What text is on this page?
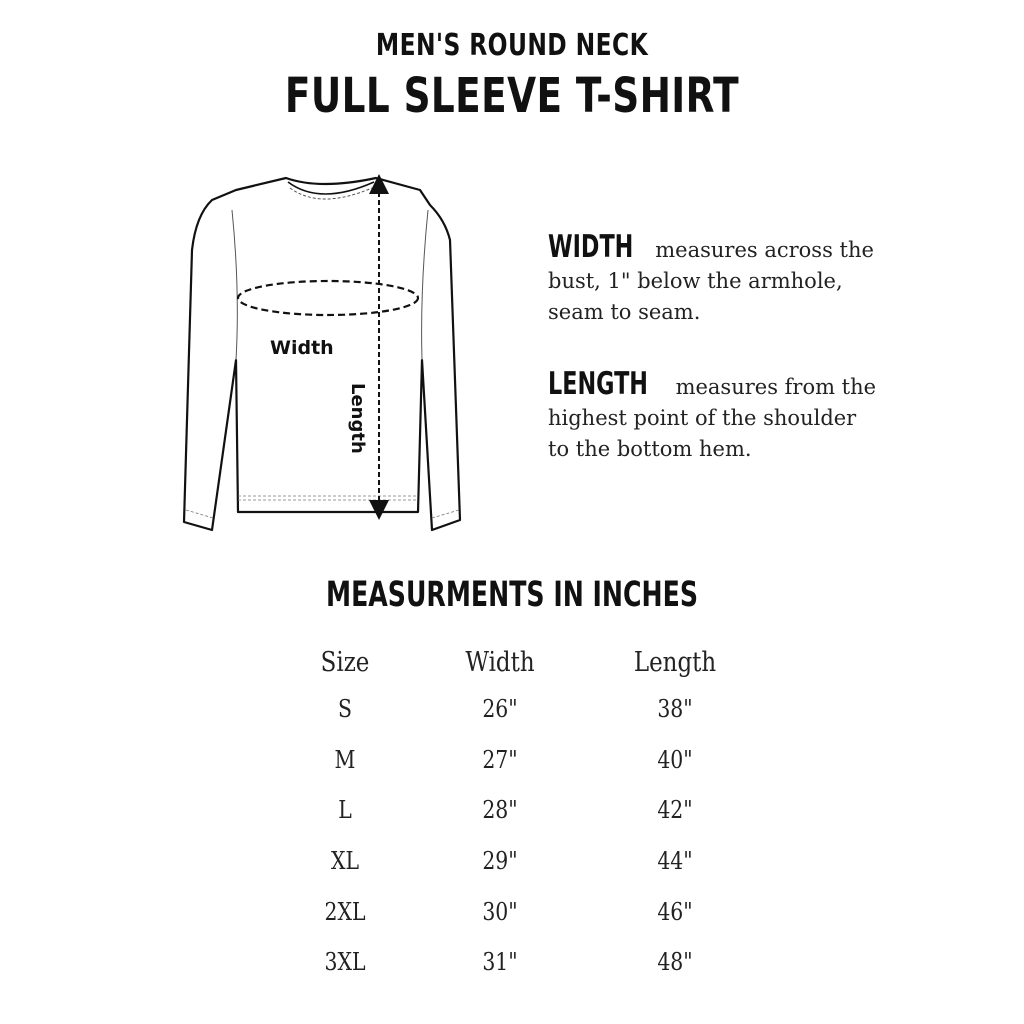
MEN'S ROUND NECK
FULL SLEEVE T-SHIRT
Width
Length
WIDTH measures across the bust, 1" below the armhole, seam to seam.
LENGTH measures from the highest point of the shoulder to the bottom hem.
MEASURMENTS IN INCHES
Size	Width	Length
S	26"	38"
M	27"	40"
L	28"	42"
XL	29"	44"
2XL	30"	46"
3XL	31"	48"
